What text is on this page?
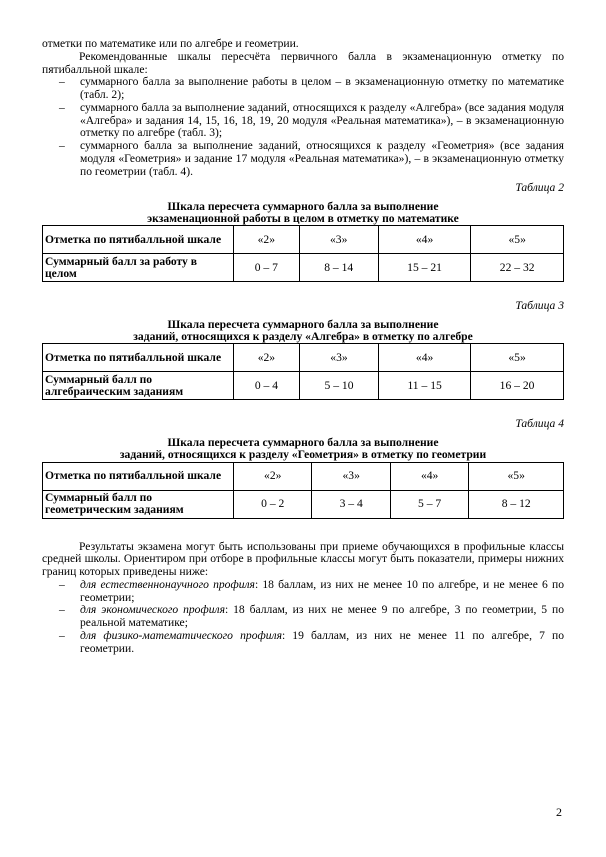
отметки по математике или по алгебре и геометрии.

Рекомендованные шкалы пересчёта первичного балла в экзаменационную отметку по пятибалльной шкале:

– суммарного балла за выполнение работы в целом – в экзаменационную отметку по математике (табл. 2);
– суммарного балла за выполнение заданий, относящихся к разделу «Алгебра» (все задания модуля «Алгебра» и задания 14, 15, 16, 18, 19, 20 модуля «Реальная математика»), – в экзаменационную отметку по алгебре (табл. 3);
– суммарного балла за выполнение заданий, относящихся к разделу «Геометрия» (все задания модуля «Геометрия» и задание 17 модуля «Реальная математика»), – в экзаменационную отметку по геометрии (табл. 4).
Таблица 2
Шкала пересчета суммарного балла за выполнение
экзаменационной работы в целом в отметку по математике
Отметка по пятибалльной шкале	«2»	«3»	«4»	«5»
Суммарный балл за работу в целом	0 – 7	8 – 14	15 – 21	22 – 32
Таблица 3
Шкала пересчета суммарного балла за выполнение
заданий, относящихся к разделу «Алгебра» в отметку по алгебре
Отметка по пятибалльной шкале	«2»	«3»	«4»	«5»
Суммарный балл по алгебраическим заданиям	0 – 4	5 – 10	11 – 15	16 – 20
Таблица 4
Шкала пересчета суммарного балла за выполнение
заданий, относящихся к разделу «Геометрия» в отметку по геометрии
Отметка по пятибалльной шкале	«2»	«3»	«4»	«5»
Суммарный балл по геометрическим заданиям	0 – 2	3 – 4	5 – 7	8 – 12

Результаты экзамена могут быть использованы при приеме обучающихся в профильные классы средней школы. Ориентиром при отборе в профильные классы могут быть показатели, примеры нижних границ которых приведены ниже:

– для естественнонаучного профиля: 18 баллам, из них не менее 10 по алгебре, и не менее 6 по геометрии;
– для экономического профиля: 18 баллам, из них не менее 9 по алгебре, 3 по геометрии, 5 по реальной математике;
– для физико-математического профиля: 19 баллам, из них не менее 11 по алгебре, 7 по геометрии.
2
